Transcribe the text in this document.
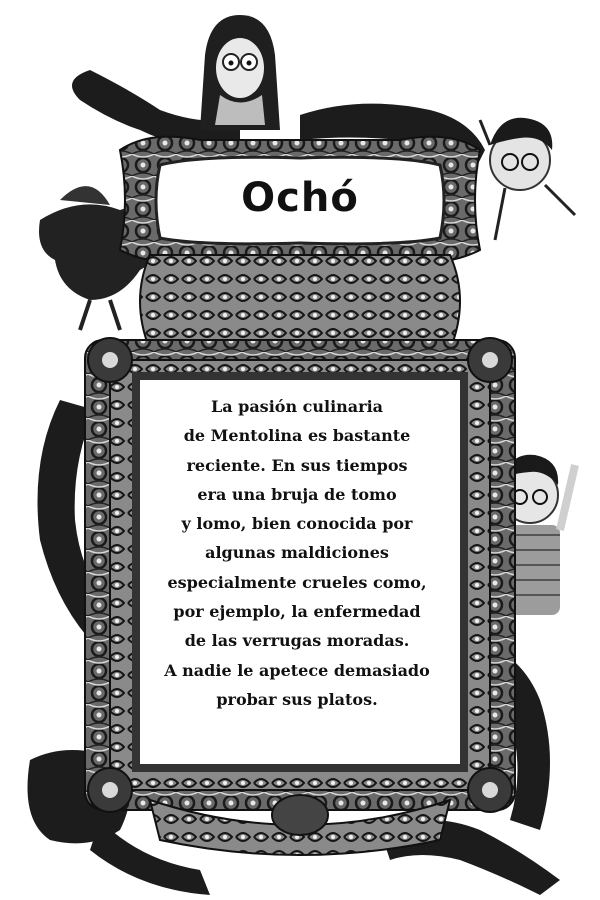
Ochó
La pasión culinaria
de Mentolina es bastante
reciente. En sus tiempos
era una bruja de tomo
y lomo, bien conocida por
algunas maldiciones
especialmente crueles como,
por ejemplo, la enfermedad
de las verrugas moradas.
A nadie le apetece demasiado
probar sus platos.
